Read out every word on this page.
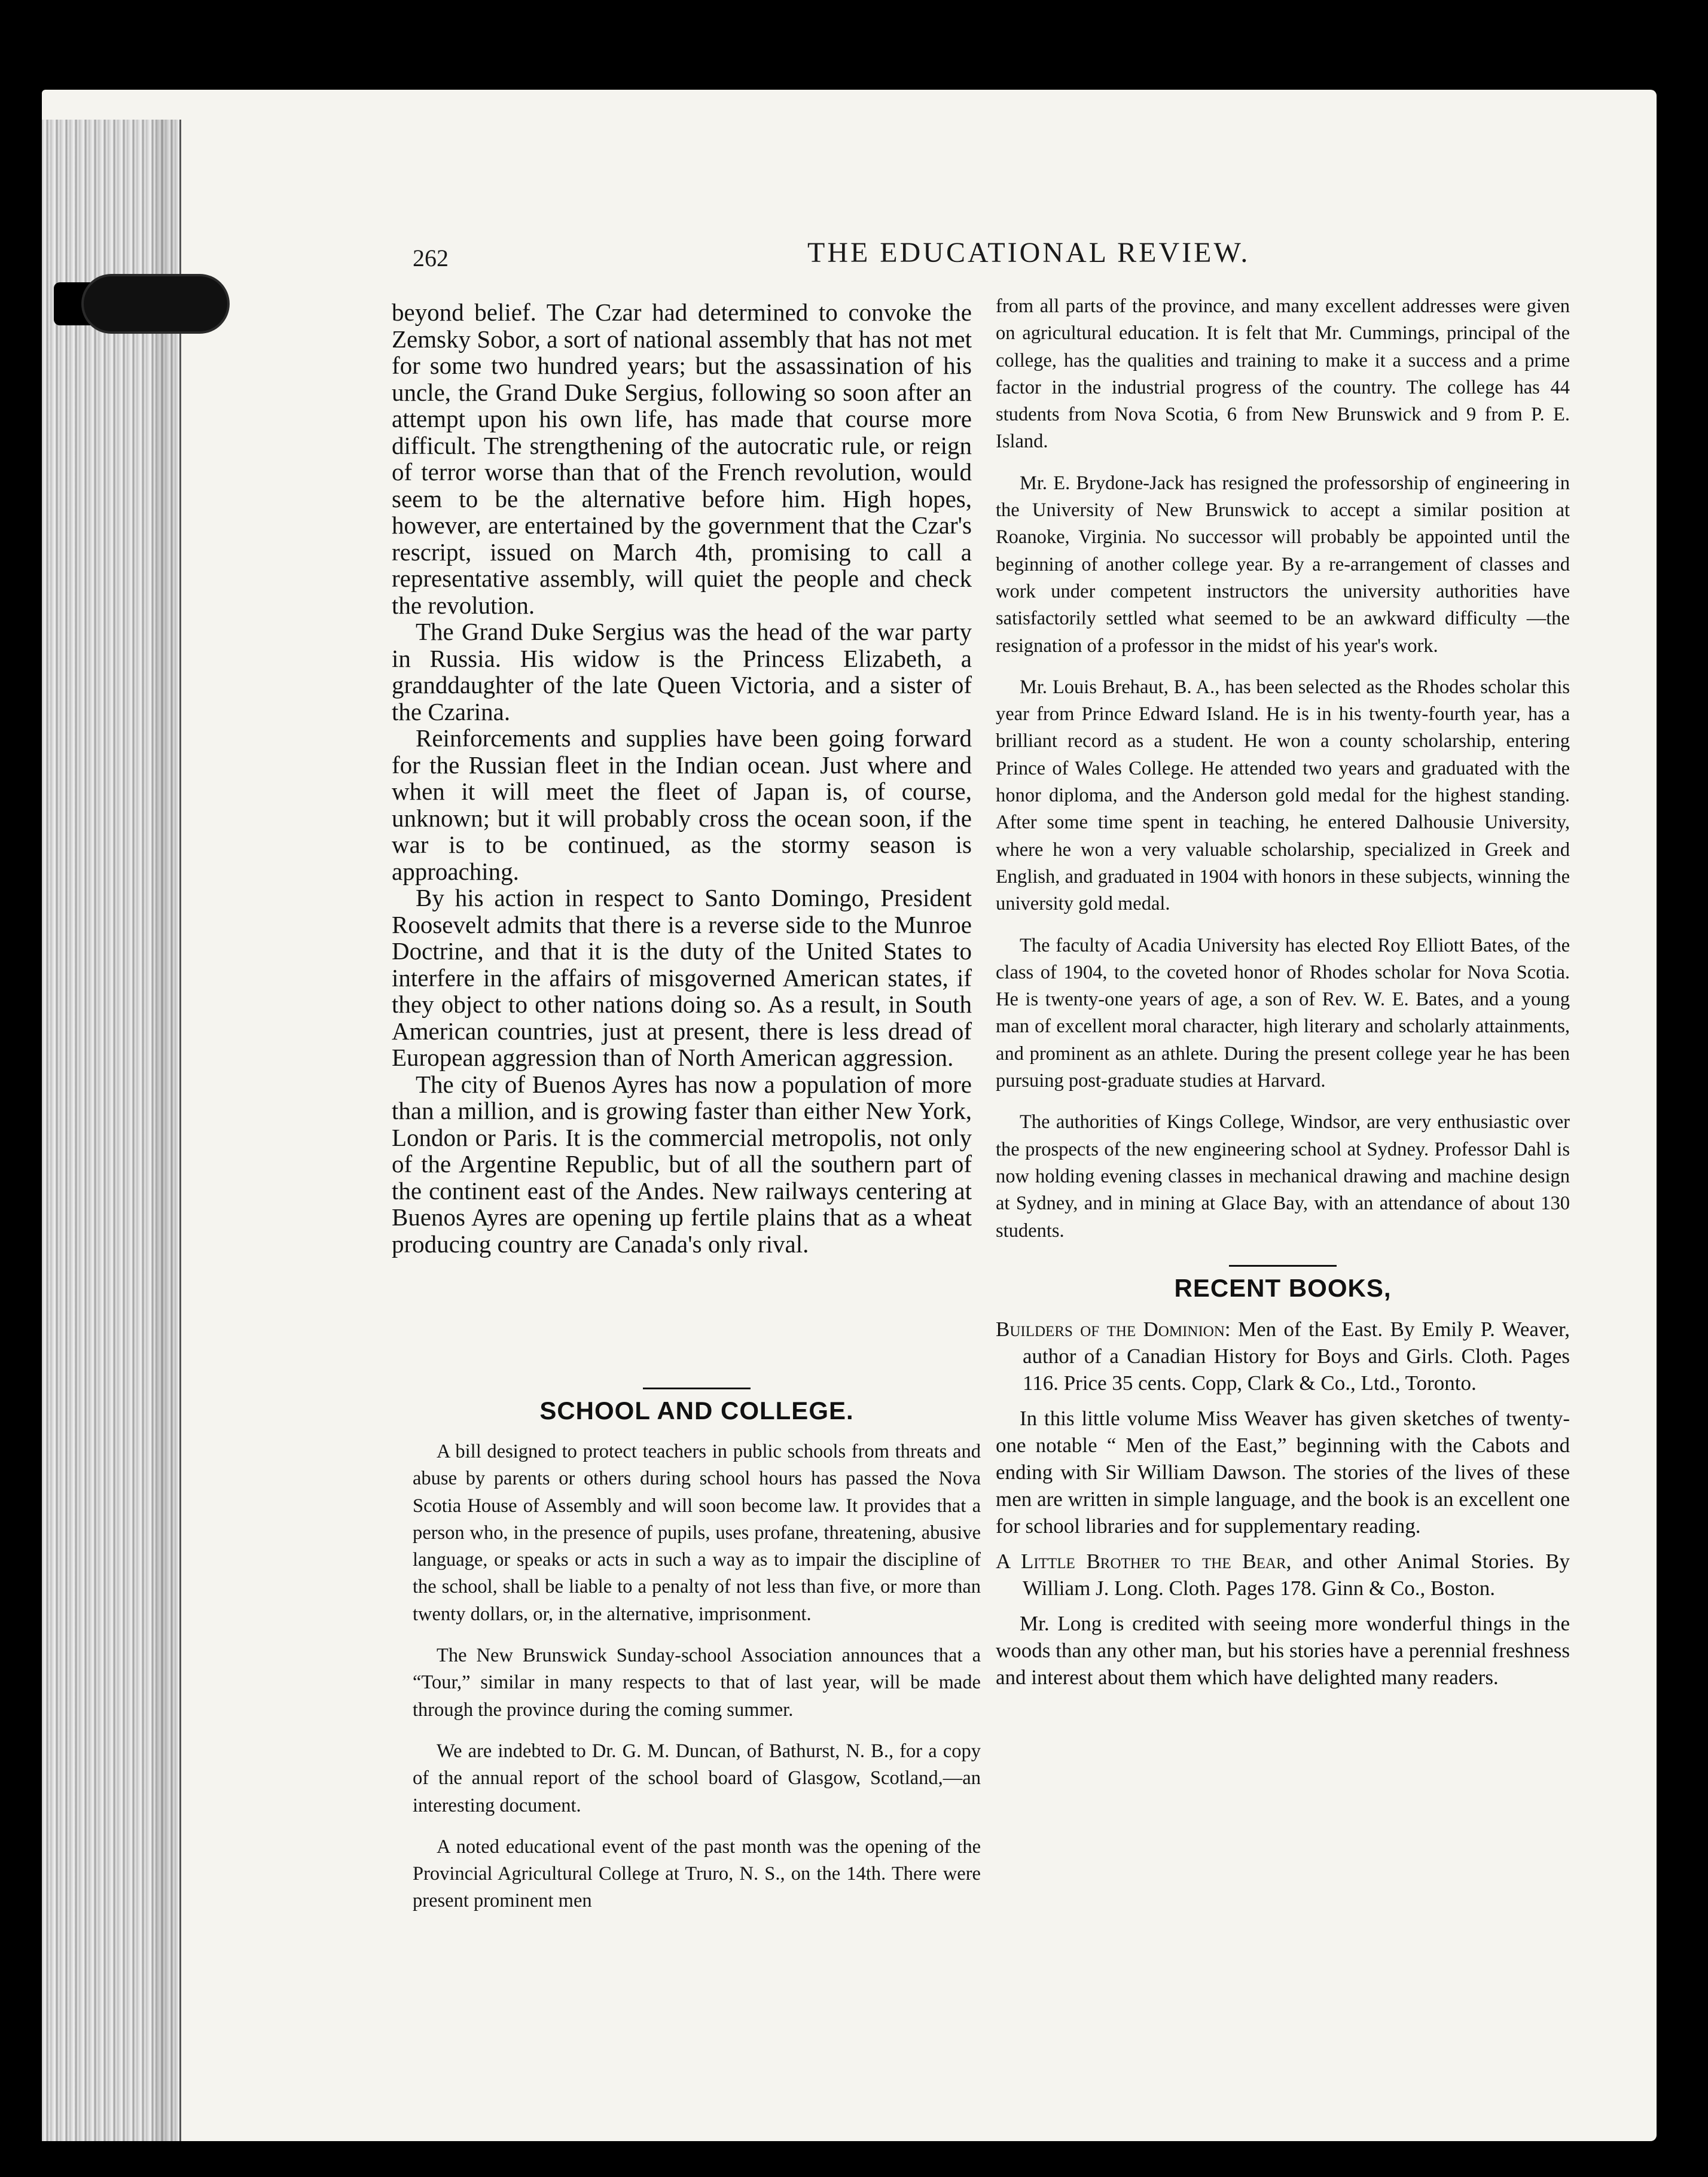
262	THE EDUCATIONAL REVIEW.

beyond belief. The Czar had determined to convoke the Zemsky Sobor, a sort of national assembly that has not met for some two hundred years; but the assassination of his uncle, the Grand Duke Sergius, following so soon after an attempt upon his own life, has made that course more difficult. The strengthening of the autocratic rule, or reign of terror worse than that of the French revolution, would seem to be the alternative before him. High hopes, however, are entertained by the government that the Czar's rescript, issued on March 4th, promising to call a representative assembly, will quiet the people and check the revolution.

The Grand Duke Sergius was the head of the war party in Russia. His widow is the Princess Elizabeth, a granddaughter of the late Queen Victoria, and a sister of the Czarina.

Reinforcements and supplies have been going forward for the Russian fleet in the Indian ocean. Just where and when it will meet the fleet of Japan is, of course, unknown; but it will probably cross the ocean soon, if the war is to be continued, as the stormy season is approaching.

By his action in respect to Santo Domingo, President Roosevelt admits that there is a reverse side to the Munroe Doctrine, and that it is the duty of the United States to interfere in the affairs of misgoverned American states, if they object to other nations doing so. As a result, in South American countries, just at present, there is less dread of European aggression than of North American aggression.

The city of Buenos Ayres has now a population of more than a million, and is growing faster than either New York, London or Paris. It is the commercial metropolis, not only of the Argentine Republic, but of all the southern part of the continent east of the Andes. New railways centering at Buenos Ayres are opening up fertile plains that as a wheat producing country are Canada's only rival.

SCHOOL AND COLLEGE.

A bill designed to protect teachers in public schools from threats and abuse by parents or others during school hours has passed the Nova Scotia House of Assembly and will soon become law. It provides that a person who, in the presence of pupils, uses profane, threatening, abusive language, or speaks or acts in such a way as to impair the discipline of the school, shall be liable to a penalty of not less than five, or more than twenty dollars, or, in the alternative, imprisonment.

The New Brunswick Sunday-school Association announces that a “Tour,” similar in many respects to that of last year, will be made through the province during the coming summer.

We are indebted to Dr. G. M. Duncan, of Bathurst, N. B., for a copy of the annual report of the school board of Glasgow, Scotland,—an interesting document.

A noted educational event of the past month was the opening of the Provincial Agricultural College at Truro, N. S., on the 14th. There were present prominent men

from all parts of the province, and many excellent addresses were given on agricultural education. It is felt that Mr. Cummings, principal of the college, has the qualities and training to make it a success and a prime factor in the industrial progress of the country. The college has 44 students from Nova Scotia, 6 from New Brunswick and 9 from P. E. Island.

Mr. E. Brydone-Jack has resigned the professorship of engineering in the University of New Brunswick to accept a similar position at Roanoke, Virginia. No successor will probably be appointed until the beginning of another college year. By a re-arrangement of classes and work under competent instructors the university authorities have satisfactorily settled what seemed to be an awkward difficulty —the resignation of a professor in the midst of his year's work.

Mr. Louis Brehaut, B. A., has been selected as the Rhodes scholar this year from Prince Edward Island. He is in his twenty-fourth year, has a brilliant record as a student. He won a county scholarship, entering Prince of Wales College. He attended two years and graduated with the honor diploma, and the Anderson gold medal for the highest standing. After some time spent in teaching, he entered Dalhousie University, where he won a very valuable scholarship, specialized in Greek and English, and graduated in 1904 with honors in these subjects, winning the university gold medal.

The faculty of Acadia University has elected Roy Elliott Bates, of the class of 1904, to the coveted honor of Rhodes scholar for Nova Scotia. He is twenty-one years of age, a son of Rev. W. E. Bates, and a young man of excellent moral character, high literary and scholarly attainments, and prominent as an athlete. During the present college year he has been pursuing post-graduate studies at Harvard.

The authorities of Kings College, Windsor, are very enthusiastic over the prospects of the new engineering school at Sydney. Professor Dahl is now holding evening classes in mechanical drawing and machine design at Sydney, and in mining at Glace Bay, with an attendance of about 130 students.

RECENT BOOKS,
Builders of the Dominion: Men of the East. By Emily P. Weaver, author of a Canadian History for Boys and Girls. Cloth. Pages 116. Price 35 cents. Copp, Clark & Co., Ltd., Toronto.

In this little volume Miss Weaver has given sketches of twenty-one notable “ Men of the East,” beginning with the Cabots and ending with Sir William Dawson. The stories of the lives of these men are written in simple language, and the book is an excellent one for school libraries and for supplementary reading.

A Little Brother to the Bear, and other Animal Stories. By William J. Long. Cloth. Pages 178. Ginn & Co., Boston.

Mr. Long is credited with seeing more wonderful things in the woods than any other man, but his stories have a perennial freshness and interest about them which have delighted many readers.
